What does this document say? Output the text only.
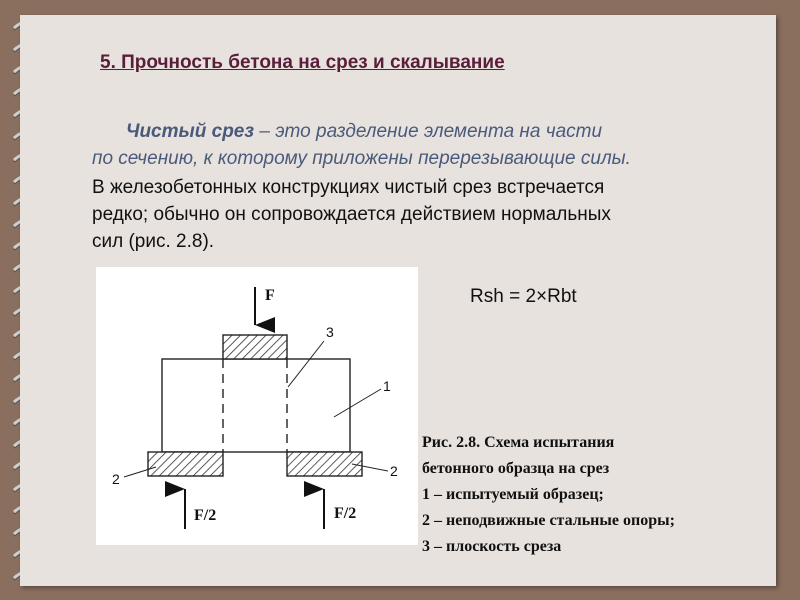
5. Прочность бетона на срез и скалывание
Чистый срез – это разделение элемента на части
по сечению, к которому приложены перерезывающие силы.
В железобетонных конструкциях чистый срез встречается
редко; обычно он сопровождается действием нормальных
сил (рис. 2.8).
F
F/2	F/2
3
1
2	2
Rsh = 2×Rbt
Рис. 2.8. Схема испытания
бетонного образца на срез
1 – испытуемый образец;
2 – неподвижные стальные опоры;
3 – плоскость среза
